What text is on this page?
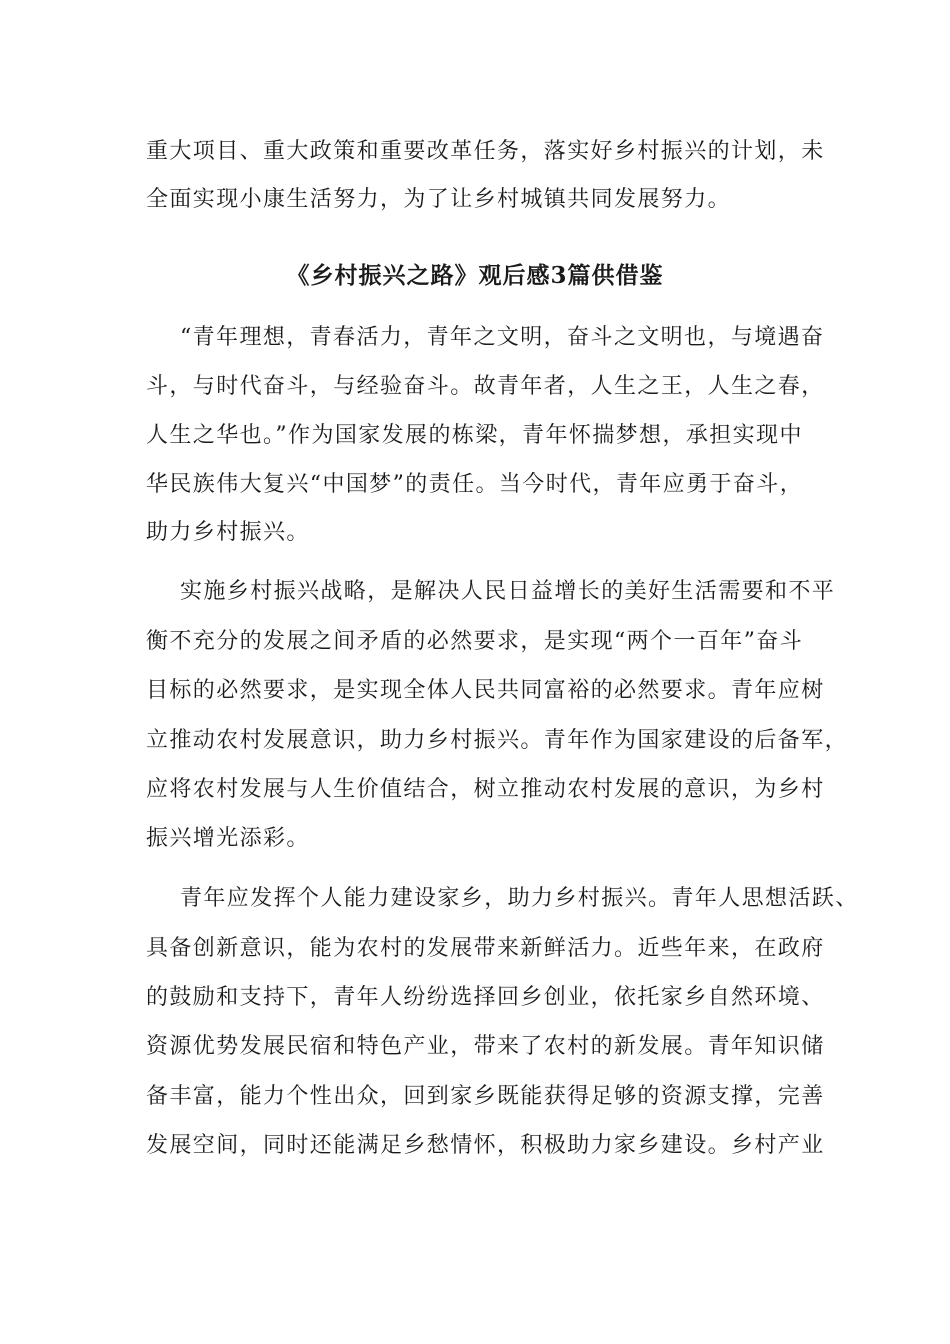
重大项目、重大政策和重要改革任务，落实好乡村振兴的计划，未
全面实现小康生活努力，为了让乡村城镇共同发展努力。
《乡村振兴之路》观后感3篇供借鉴
“青年理想，青春活力，青年之文明，奋斗之文明也，与境遇奋
斗，与时代奋斗，与经验奋斗。故青年者，人生之王，人生之春，
人生之华也。”作为国家发展的栋梁，青年怀揣梦想，承担实现中
华民族伟大复兴“中国梦”的责任。当今时代，青年应勇于奋斗，
助力乡村振兴。
实施乡村振兴战略，是解决人民日益增长的美好生活需要和不平
衡不充分的发展之间矛盾的必然要求，是实现“两个一百年”奋斗
目标的必然要求，是实现全体人民共同富裕的必然要求。青年应树
立推动农村发展意识，助力乡村振兴。青年作为国家建设的后备军，
应将农村发展与人生价值结合，树立推动农村发展的意识，为乡村
振兴增光添彩。
青年应发挥个人能力建设家乡，助力乡村振兴。青年人思想活跃、
具备创新意识，能为农村的发展带来新鲜活力。近些年来，在政府
的鼓励和支持下，青年人纷纷选择回乡创业，依托家乡自然环境、
资源优势发展民宿和特色产业，带来了农村的新发展。青年知识储
备丰富，能力个性出众，回到家乡既能获得足够的资源支撑，完善
发展空间，同时还能满足乡愁情怀，积极助力家乡建设。乡村产业
